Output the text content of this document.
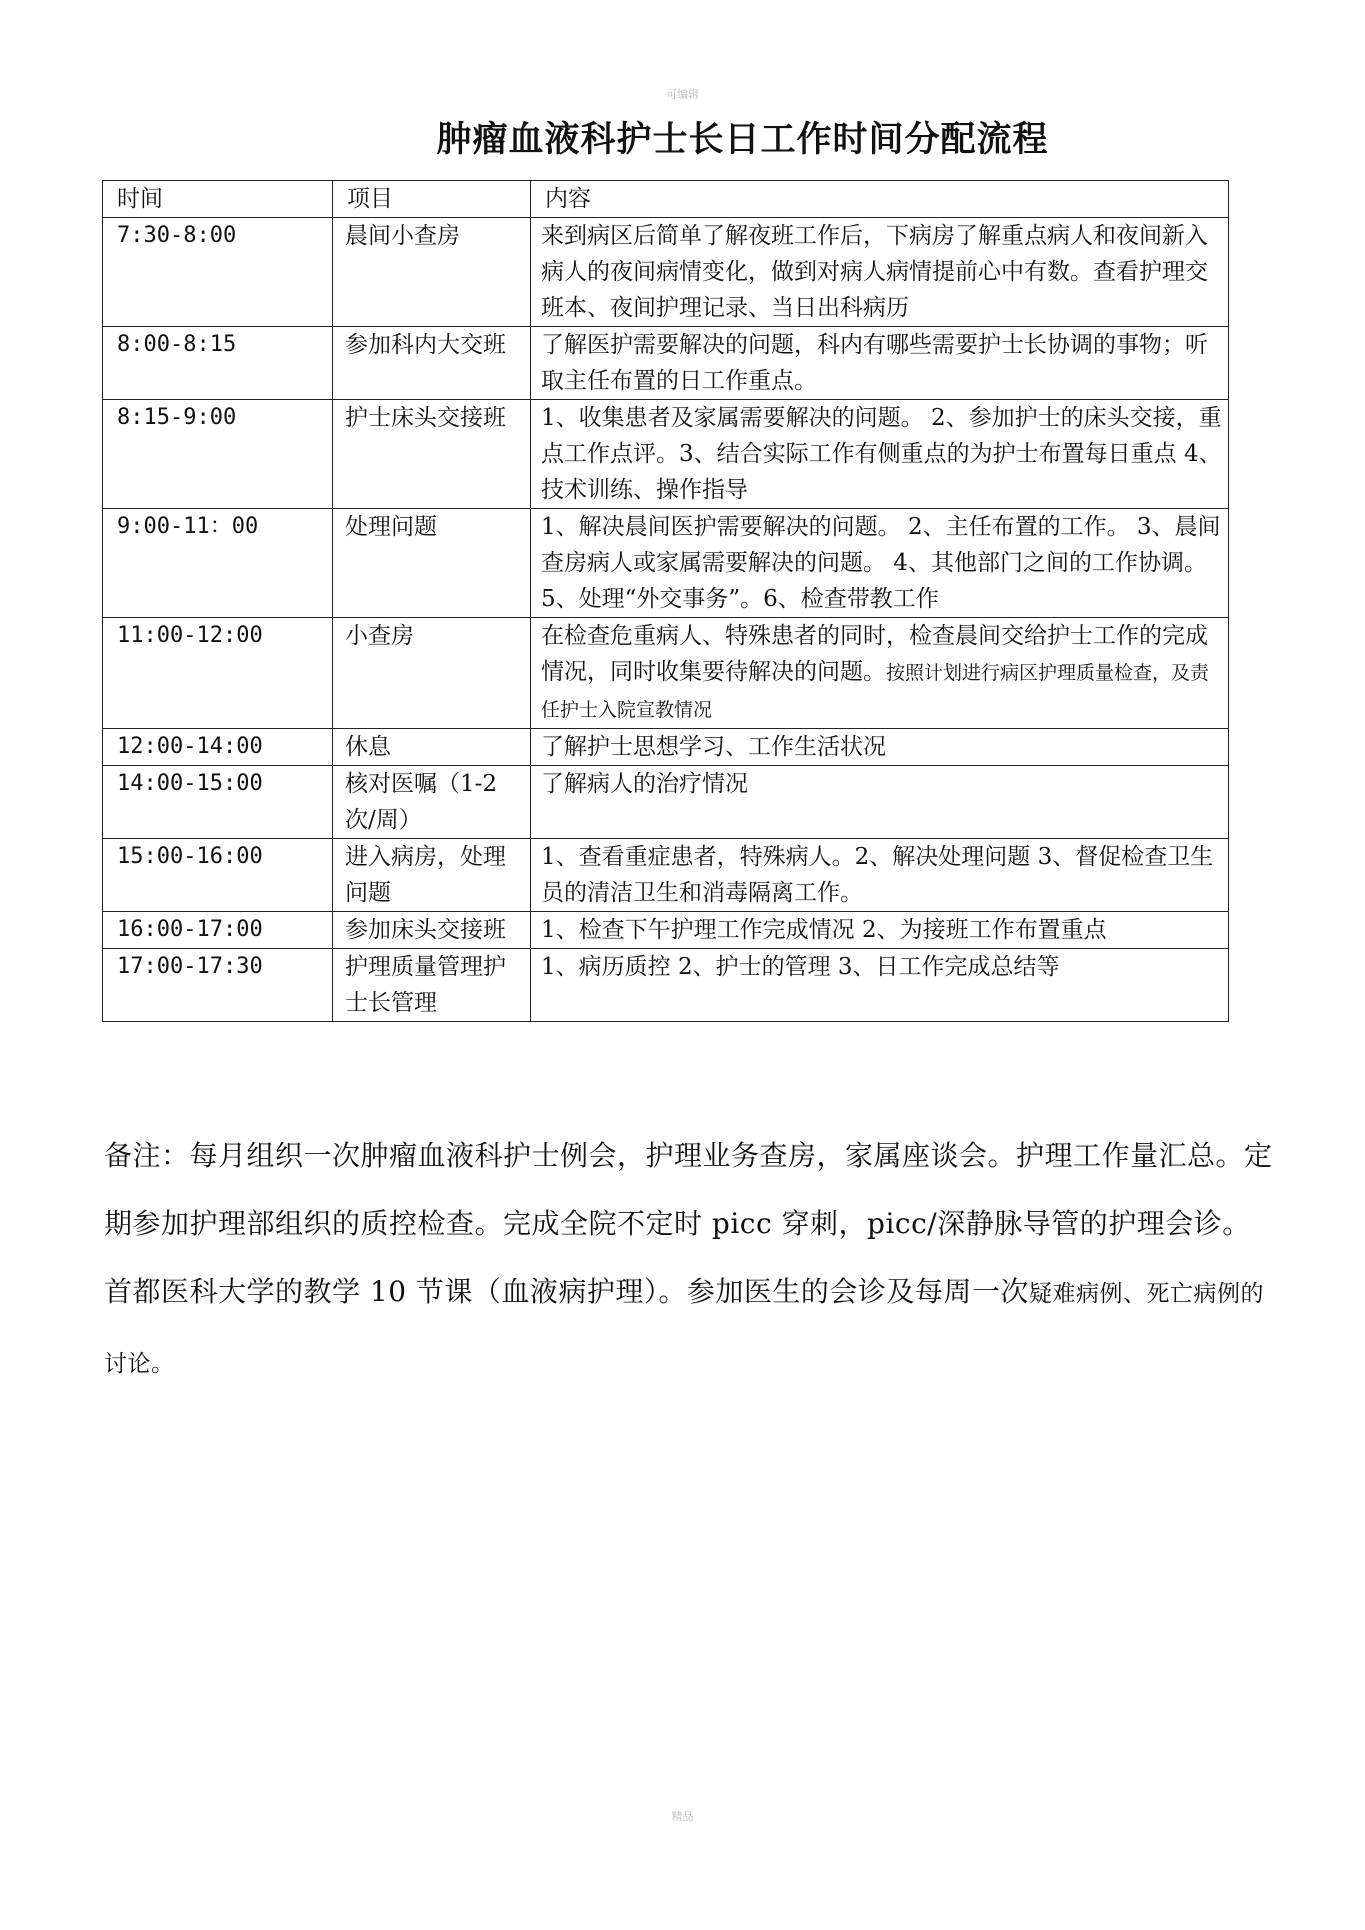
可编辑
肿瘤血液科护士长日工作时间分配流程
时间	项目	内容
7:30-8:00	晨间小查房	来到病区后简单了解夜班工作后，下病房了解重点病人和夜间新入病人的夜间病情变化，做到对病人病情提前心中有数。查看护理交班本、夜间护理记录、当日出科病历
8:00-8:15	参加科内大交班	了解医护需要解决的问题，科内有哪些需要护士长协调的事物；听取主任布置的日工作重点。
8:15-9:00	护士床头交接班	1、收集患者及家属需要解决的问题。 2、参加护士的床头交接，重点工作点评。3、结合实际工作有侧重点的为护士布置每日重点 4、技术训练、操作指导
9:00-11：00	处理问题	1、解决晨间医护需要解决的问题。 2、主任布置的工作。 3、晨间查房病人或家属需要解决的问题。 4、其他部门之间的工作协调。5、处理“外交事务”。6、检查带教工作
11:00-12:00	小查房	在检查危重病人、特殊患者的同时，检查晨间交给护士工作的完成情况，同时收集要待解决的问题。按照计划进行病区护理质量检查，及责任护士入院宣教情况
12:00-14:00	休息	了解护士思想学习、工作生活状况
14:00-15:00	核对医嘱（1-2次/周）	了解病人的治疗情况
15:00-16:00	进入病房，处理问题	1、查看重症患者，特殊病人。2、解决处理问题 3、督促检查卫生员的清洁卫生和消毒隔离工作。
16:00-17:00	参加床头交接班	1、检查下午护理工作完成情况 2、为接班工作布置重点
17:00-17:30	护理质量管理护士长管理	1、病历质控 2、护士的管理 3、日工作完成总结等
备注：每月组织一次肿瘤血液科护士例会，护理业务查房，家属座谈会。护理工作量汇总。定期参加护理部组织的质控检查。完成全院不定时 picc 穿刺，picc/深静脉导管的护理会诊。首都医科大学的教学 10 节课（血液病护理）。参加医生的会诊及每周一次疑难病例、死亡病例的讨论。
精品
